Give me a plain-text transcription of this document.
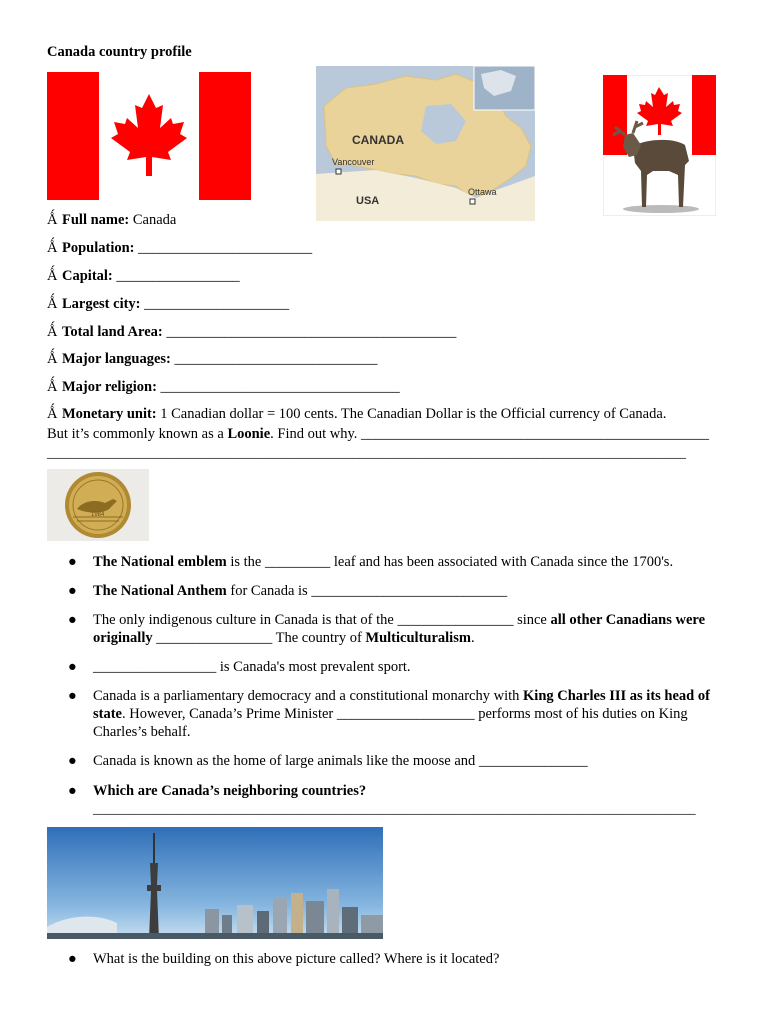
Canada country profile
CANADA
Vancouver
Ottawa
USA
Ǻ Full name: Canada
Ǻ Population: ________________________
Ǻ Capital: _________________
Ǻ Largest city: ____________________
Ǻ Total land Area: ________________________________________
Ǻ Major languages: ____________________________
Ǻ Major religion: _________________________________
Ǻ Monetary unit: 1 Canadian dollar = 100 cents. The Canadian Dollar is the Official currency of Canada.
But it’s commonly known as a Loonie. Find out why. ________________________________________________
______________________________________________________________________________________________
1984
● The National emblem is the _________ leaf and has been associated with Canada since the 1700's.
● The National Anthem for Canada is ___________________________
● The only indigenous culture in Canada is that of the ________________ since all other Canadians were originally ________________ The country of Multiculturalism.
● _________________ is Canada's most prevalent sport.
● Canada is a parliamentary democracy and a constitutional monarchy with King Charles III as its head of state. However, Canada’s Prime Minister ___________________ performs most of his duties on King Charles’s behalf.
● Canada is known as the home of large animals like the moose and _______________
● Which are Canada’s neighboring countries?
__________________________________________________________________________________________
● What is the building on this above picture called? Where is it located?
